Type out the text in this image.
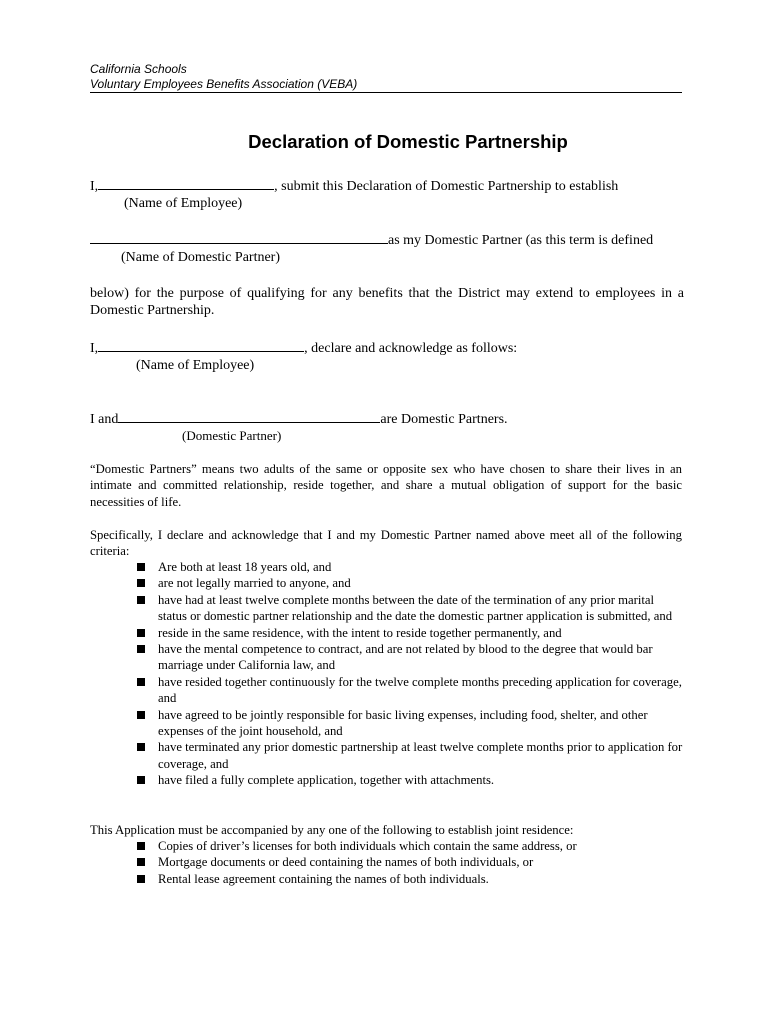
California Schools
Voluntary Employees Benefits Association (VEBA)
Declaration of Domestic Partnership
I,	, submit this Declaration of Domestic Partnership to establish
(Name of Employee)
as my Domestic Partner (as this term is defined
(Name of Domestic Partner)
below) for the purpose of qualifying for any benefits that the District may extend to employees in a Domestic Partnership.
I,	, declare and acknowledge as follows:
(Name of Employee)
I and	are Domestic Partners.
(Domestic Partner)
“Domestic Partners” means two adults of the same or opposite sex who have chosen to share their lives in an intimate and committed relationship, reside together, and share a mutual obligation of support for the basic necessities of life.
Specifically, I declare and acknowledge that I and my Domestic Partner named above meet all of the following criteria:
Are both at least 18 years old, and
are not legally married to anyone, and
have had at least twelve complete months between the date of the termination of any prior marital status or domestic partner relationship and the date the domestic partner application is submitted, and
reside in the same residence, with the intent to reside together permanently, and
have the mental competence to contract, and are not related by blood to the degree that would bar marriage under California law, and
have resided together continuously for the twelve complete months preceding application for coverage, and
have agreed to be jointly responsible for basic living expenses, including food, shelter, and other expenses of the joint household, and
have terminated any prior domestic partnership at least twelve complete months prior to application for coverage, and
have filed a fully complete application, together with attachments.
This Application must be accompanied by any one of the following to establish joint residence:
Copies of driver’s licenses for both individuals which contain the same address, or
Mortgage documents or deed containing the names of both individuals, or
Rental lease agreement containing the names of both individuals.
